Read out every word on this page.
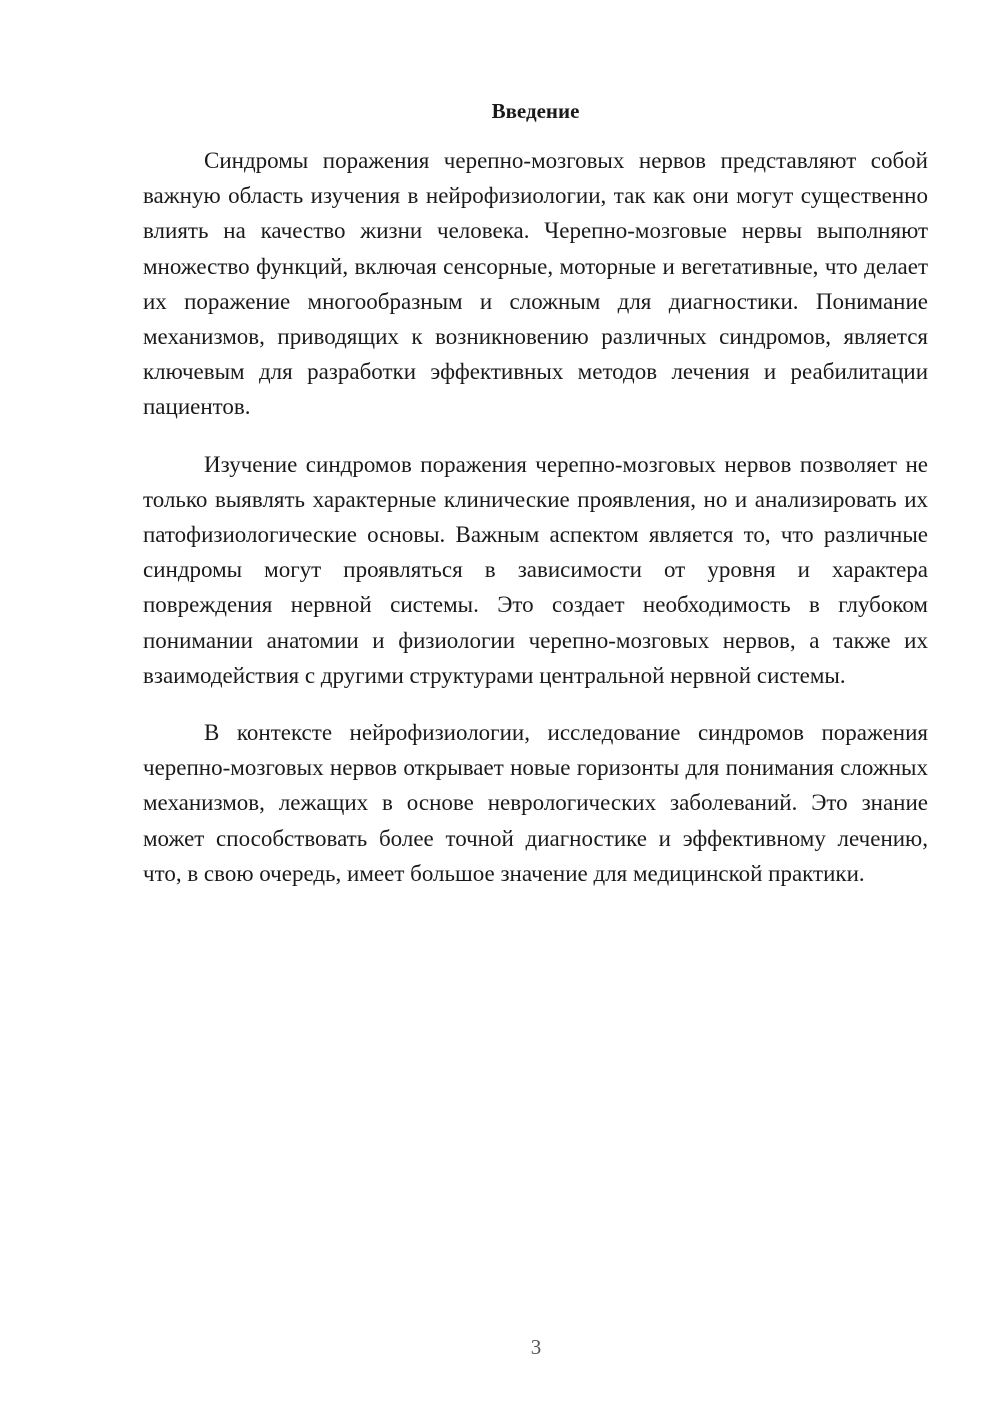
Введение

Синдромы поражения черепно-мозговых нервов представляют собой важную область изучения в нейрофизиологии, так как они могут существенно влиять на качество жизни человека. Черепно-мозговые нервы выполняют множество функций, включая сенсорные, моторные и вегетативные, что делает их поражение многообразным и сложным для диагностики. Понимание механизмов, приводящих к возникновению различных синдромов, является ключевым для разработки эффективных методов лечения и реабилитации пациентов.

Изучение синдромов поражения черепно-мозговых нервов позволяет не только выявлять характерные клинические проявления, но и анализировать их патофизиологические основы. Важным аспектом является то, что различные синдромы могут проявляться в зависимости от уровня и характера повреждения нервной системы. Это создает необходимость в глубоком понимании анатомии и физиологии черепно-мозговых нервов, а также их взаимодействия с другими структурами центральной нервной системы.

В контексте нейрофизиологии, исследование синдромов поражения черепно-мозговых нервов открывает новые горизонты для понимания сложных механизмов, лежащих в основе неврологических заболеваний. Это знание может способствовать более точной диагностике и эффективному лечению, что, в свою очередь, имеет большое значение для медицинской практики.

3
